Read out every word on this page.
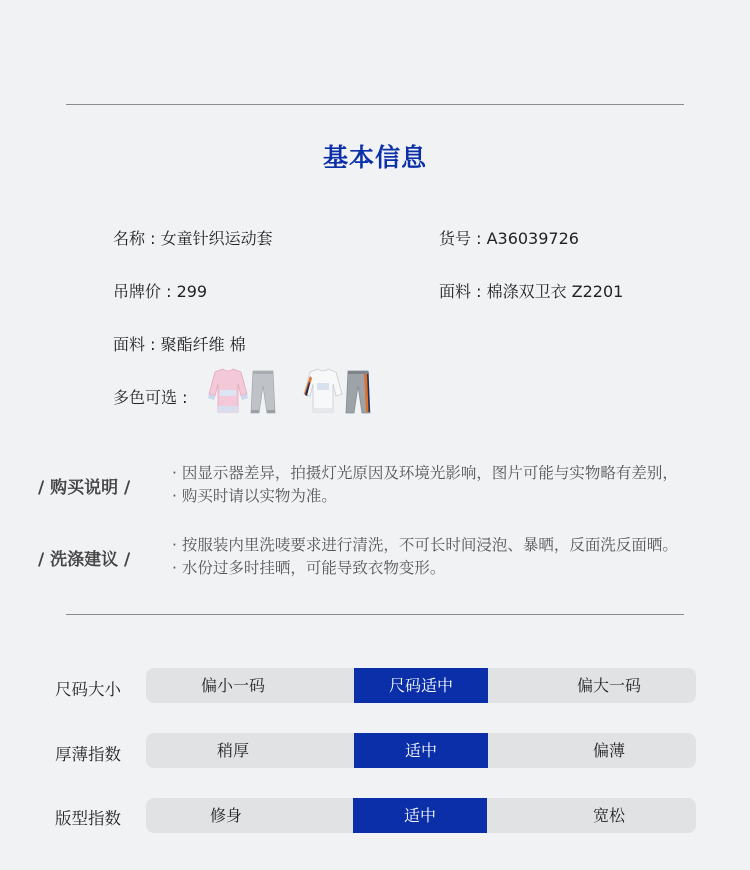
基本信息
名称 : 女童针织运动套	货号 : A36039726
吊牌价 : 299	面料 : 棉涤双卫衣 Z2201
面料 : 聚酯纤维 棉
多色可选 :
/ 购买说明 /
· 因显示器差异，拍摄灯光原因及环境光影响，图片可能与实物略有差别，
· 购买时请以实物为准。
/ 洗涤建议 /
· 按服装内里洗唛要求进行清洗，不可长时间浸泡、暴晒，反面洗反面晒。
· 水份过多时挂晒，可能导致衣物变形。
尺码大小	偏小一码	尺码适中	偏大一码
厚薄指数	稍厚	适中	偏薄
版型指数	修身	适中	宽松
